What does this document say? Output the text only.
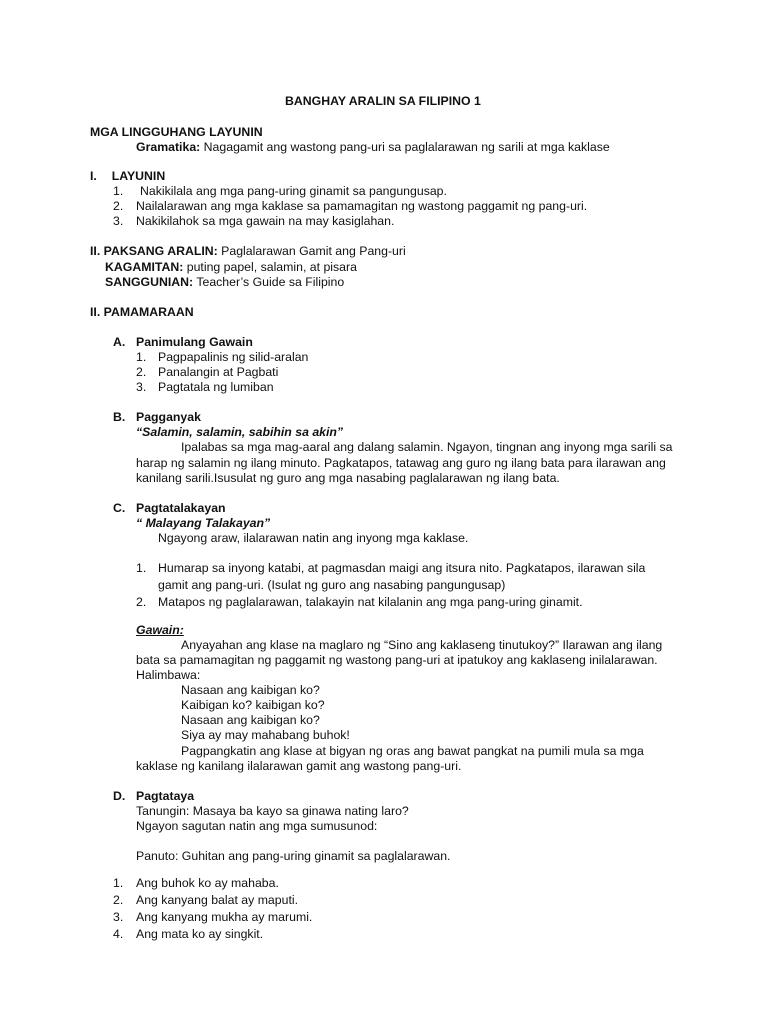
BANGHAY ARALIN SA FILIPINO 1
MGA LINGGUHANG LAYUNIN
Gramatika: Nagagamit ang wastong pang-uri sa paglalarawan ng sarili at mga kaklase
I. LAYUNIN
1. Nakikilala ang mga pang-uring ginamit sa pangungusap.
2. Nailalarawan ang mga kaklase sa pamamagitan ng wastong paggamit ng pang-uri.
3. Nakikilahok sa mga gawain na may kasiglahan.
II. PAKSANG ARALIN: Paglalarawan Gamit ang Pang-uri
KAGAMITAN: puting papel, salamin, at pisara
SANGGUNIAN: Teacher’s Guide sa Filipino
II. PAMAMARAAN
A. Panimulang Gawain
1. Pagpapalinis ng silid-aralan
2. Panalangin at Pagbati
3. Pagtatala ng lumiban
B. Pagganyak
“Salamin, salamin, sabihin sa akin”
Ipalabas sa mga mag-aaral ang dalang salamin. Ngayon, tingnan ang inyong mga sarili sa
harap ng salamin ng ilang minuto. Pagkatapos, tatawag ang guro ng ilang bata para ilarawan ang
kanilang sarili.Isusulat ng guro ang mga nasabing paglalarawan ng ilang bata.
C. Pagtatalakayan
“ Malayang Talakayan”
Ngayong araw, ilalarawan natin ang inyong mga kaklase.
1. Humarap sa inyong katabi, at pagmasdan maigi ang itsura nito. Pagkatapos, ilarawan sila
gamit ang pang-uri. (Isulat ng guro ang nasabing pangungusap)
2. Matapos ng paglalarawan, talakayin nat kilalanin ang mga pang-uring ginamit.
Gawain:
Anyayahan ang klase na maglaro ng “Sino ang kaklaseng tinutukoy?” Ilarawan ang ilang
bata sa pamamagitan ng paggamit ng wastong pang-uri at ipatukoy ang kaklaseng inilalarawan.
Halimbawa:
Nasaan ang kaibigan ko?
Kaibigan ko? kaibigan ko?
Nasaan ang kaibigan ko?
Siya ay may mahabang buhok!
Pagpangkatin ang klase at bigyan ng oras ang bawat pangkat na pumili mula sa mga
kaklase ng kanilang ilalarawan gamit ang wastong pang-uri.
D. Pagtataya
Tanungin: Masaya ba kayo sa ginawa nating laro?
Ngayon sagutan natin ang mga sumusunod:
Panuto: Guhitan ang pang-uring ginamit sa paglalarawan.
1. Ang buhok ko ay mahaba.
2. Ang kanyang balat ay maputi.
3. Ang kanyang mukha ay marumi.
4. Ang mata ko ay singkit.
